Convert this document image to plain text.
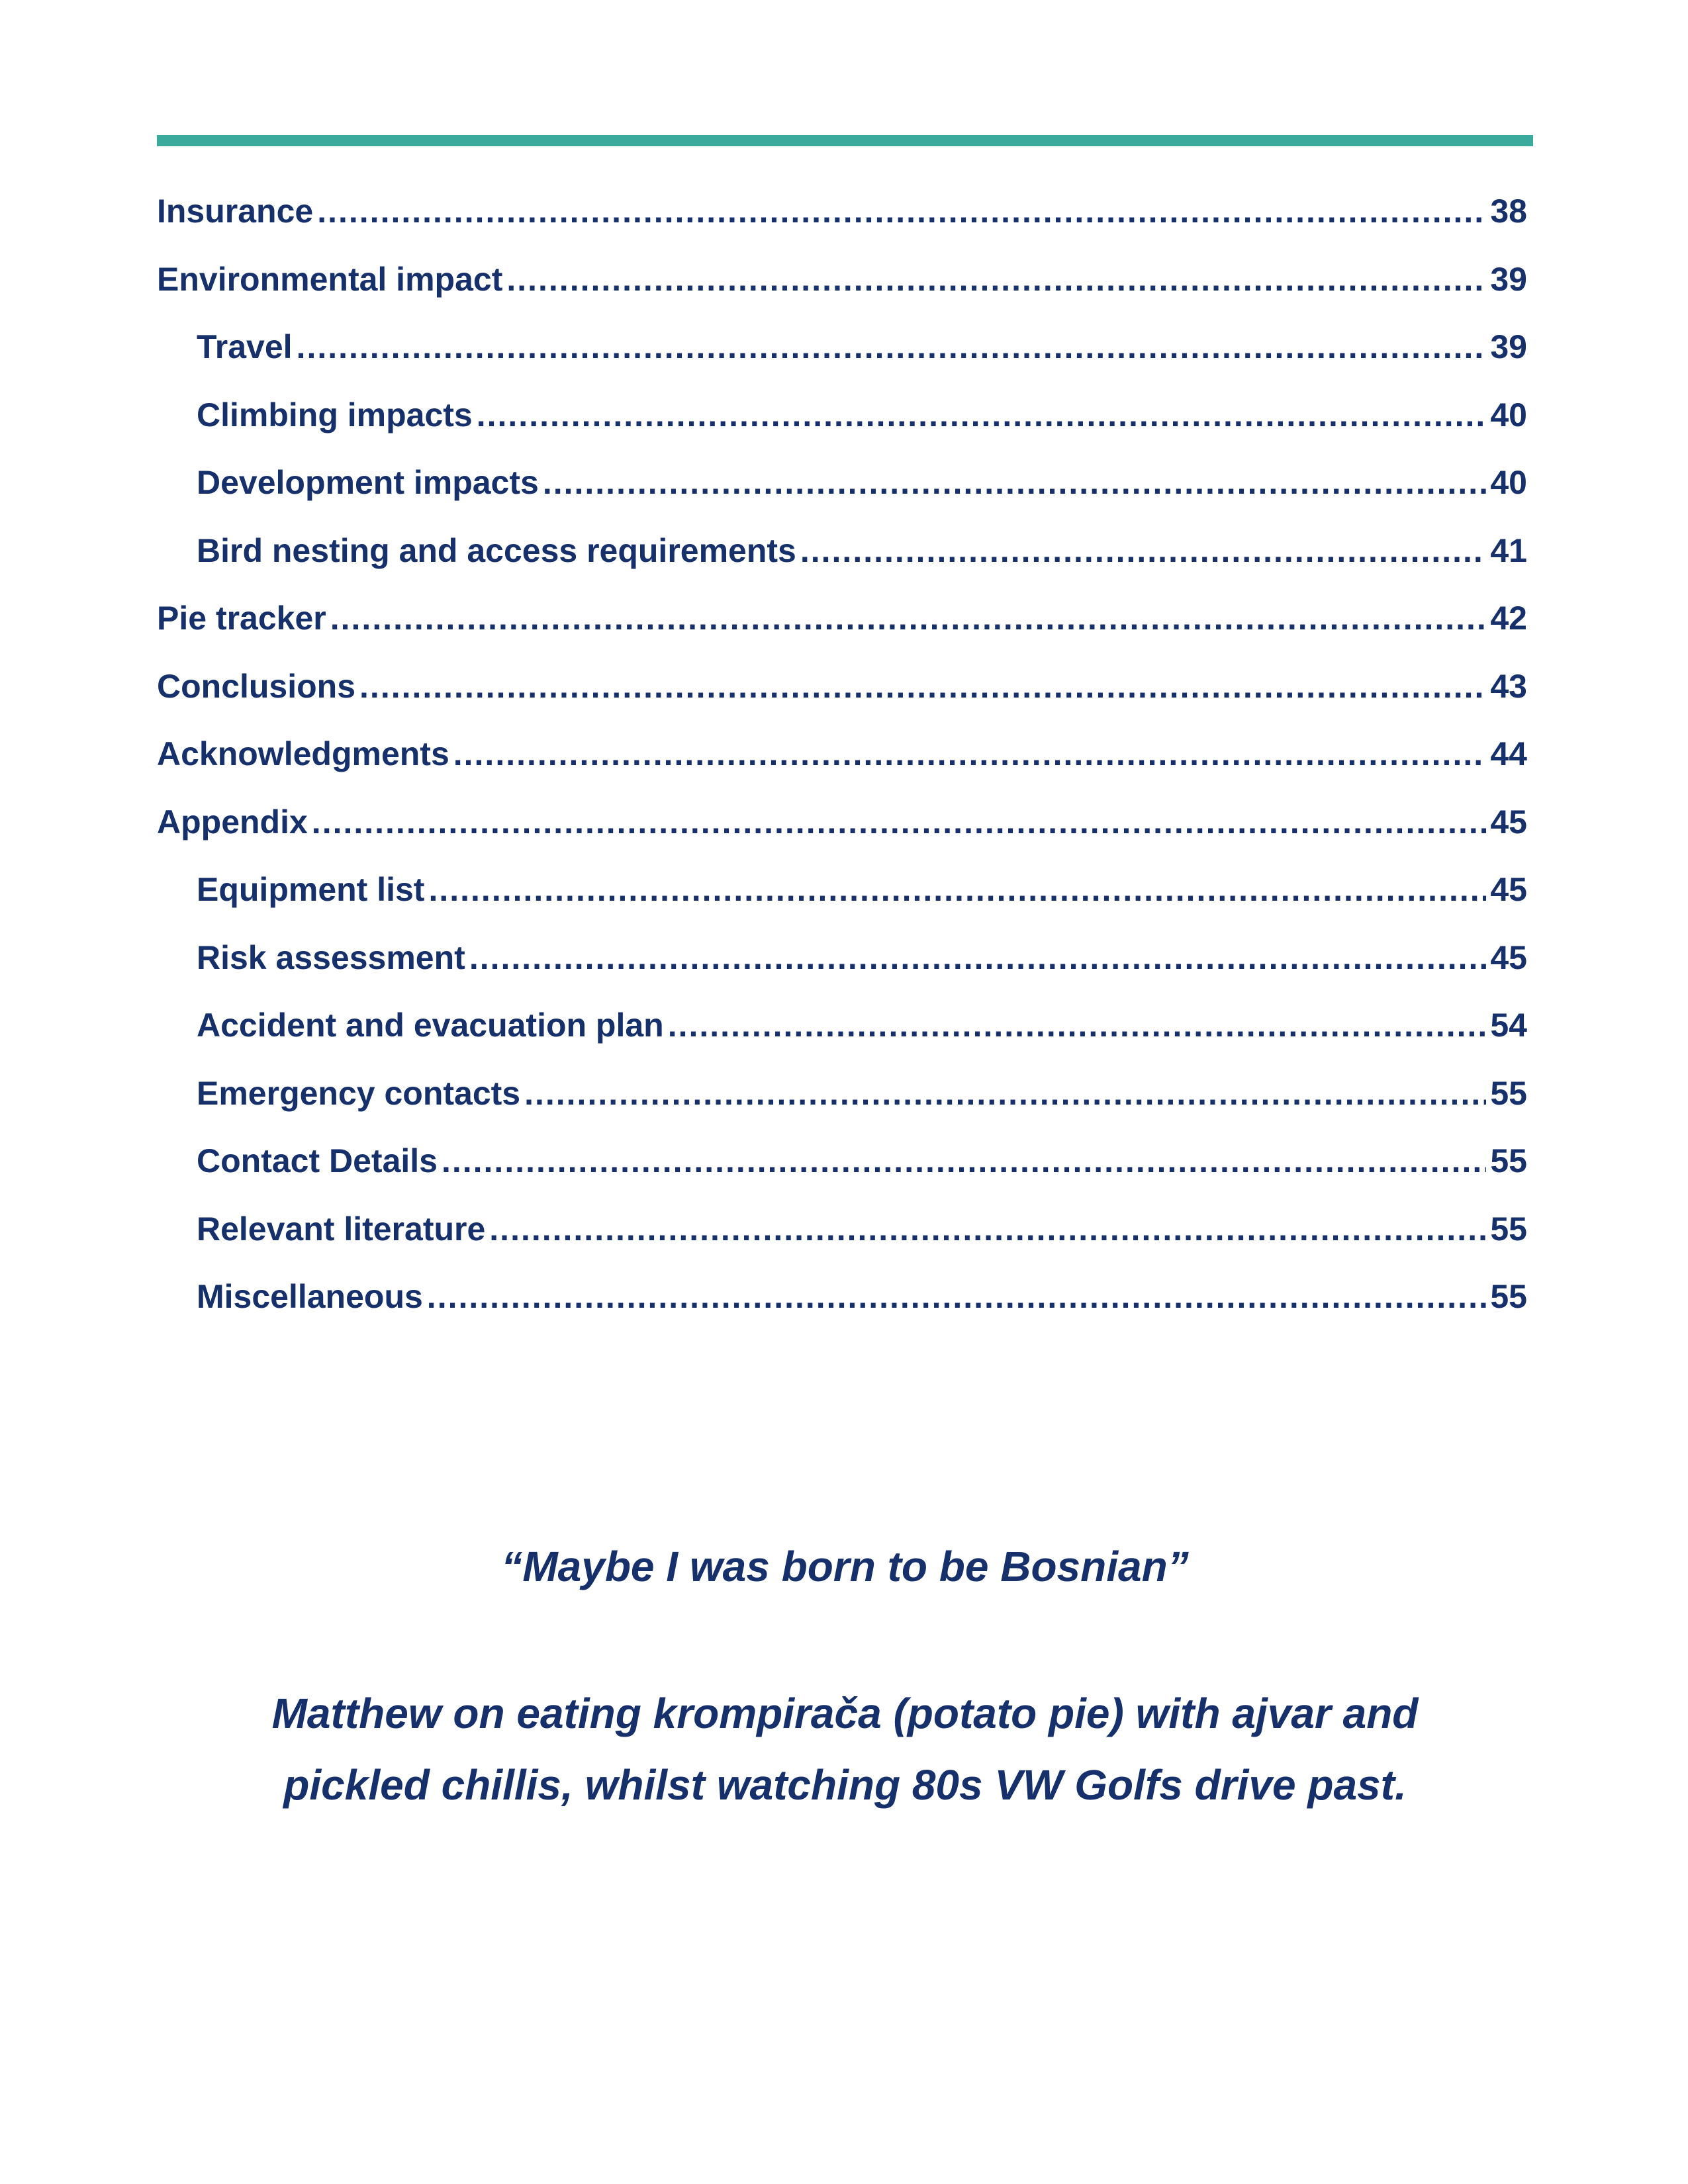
Insurance .....	38
Environmental impact .....	39
Travel .....	39
Climbing impacts .....	40
Development impacts .....	40
Bird nesting and access requirements .....	41
Pie tracker .....	42
Conclusions .....	43
Acknowledgments .....	44
Appendix .....	45
Equipment list .....	45
Risk assessment .....	45
Accident and evacuation plan .....	54
Emergency contacts .....	55
Contact Details .....	55
Relevant literature .....	55
Miscellaneous .....	55
“Maybe I was born to be Bosnian”
Matthew on eating krompirača (potato pie) with ajvar and pickled chillis, whilst watching 80s VW Golfs drive past.
